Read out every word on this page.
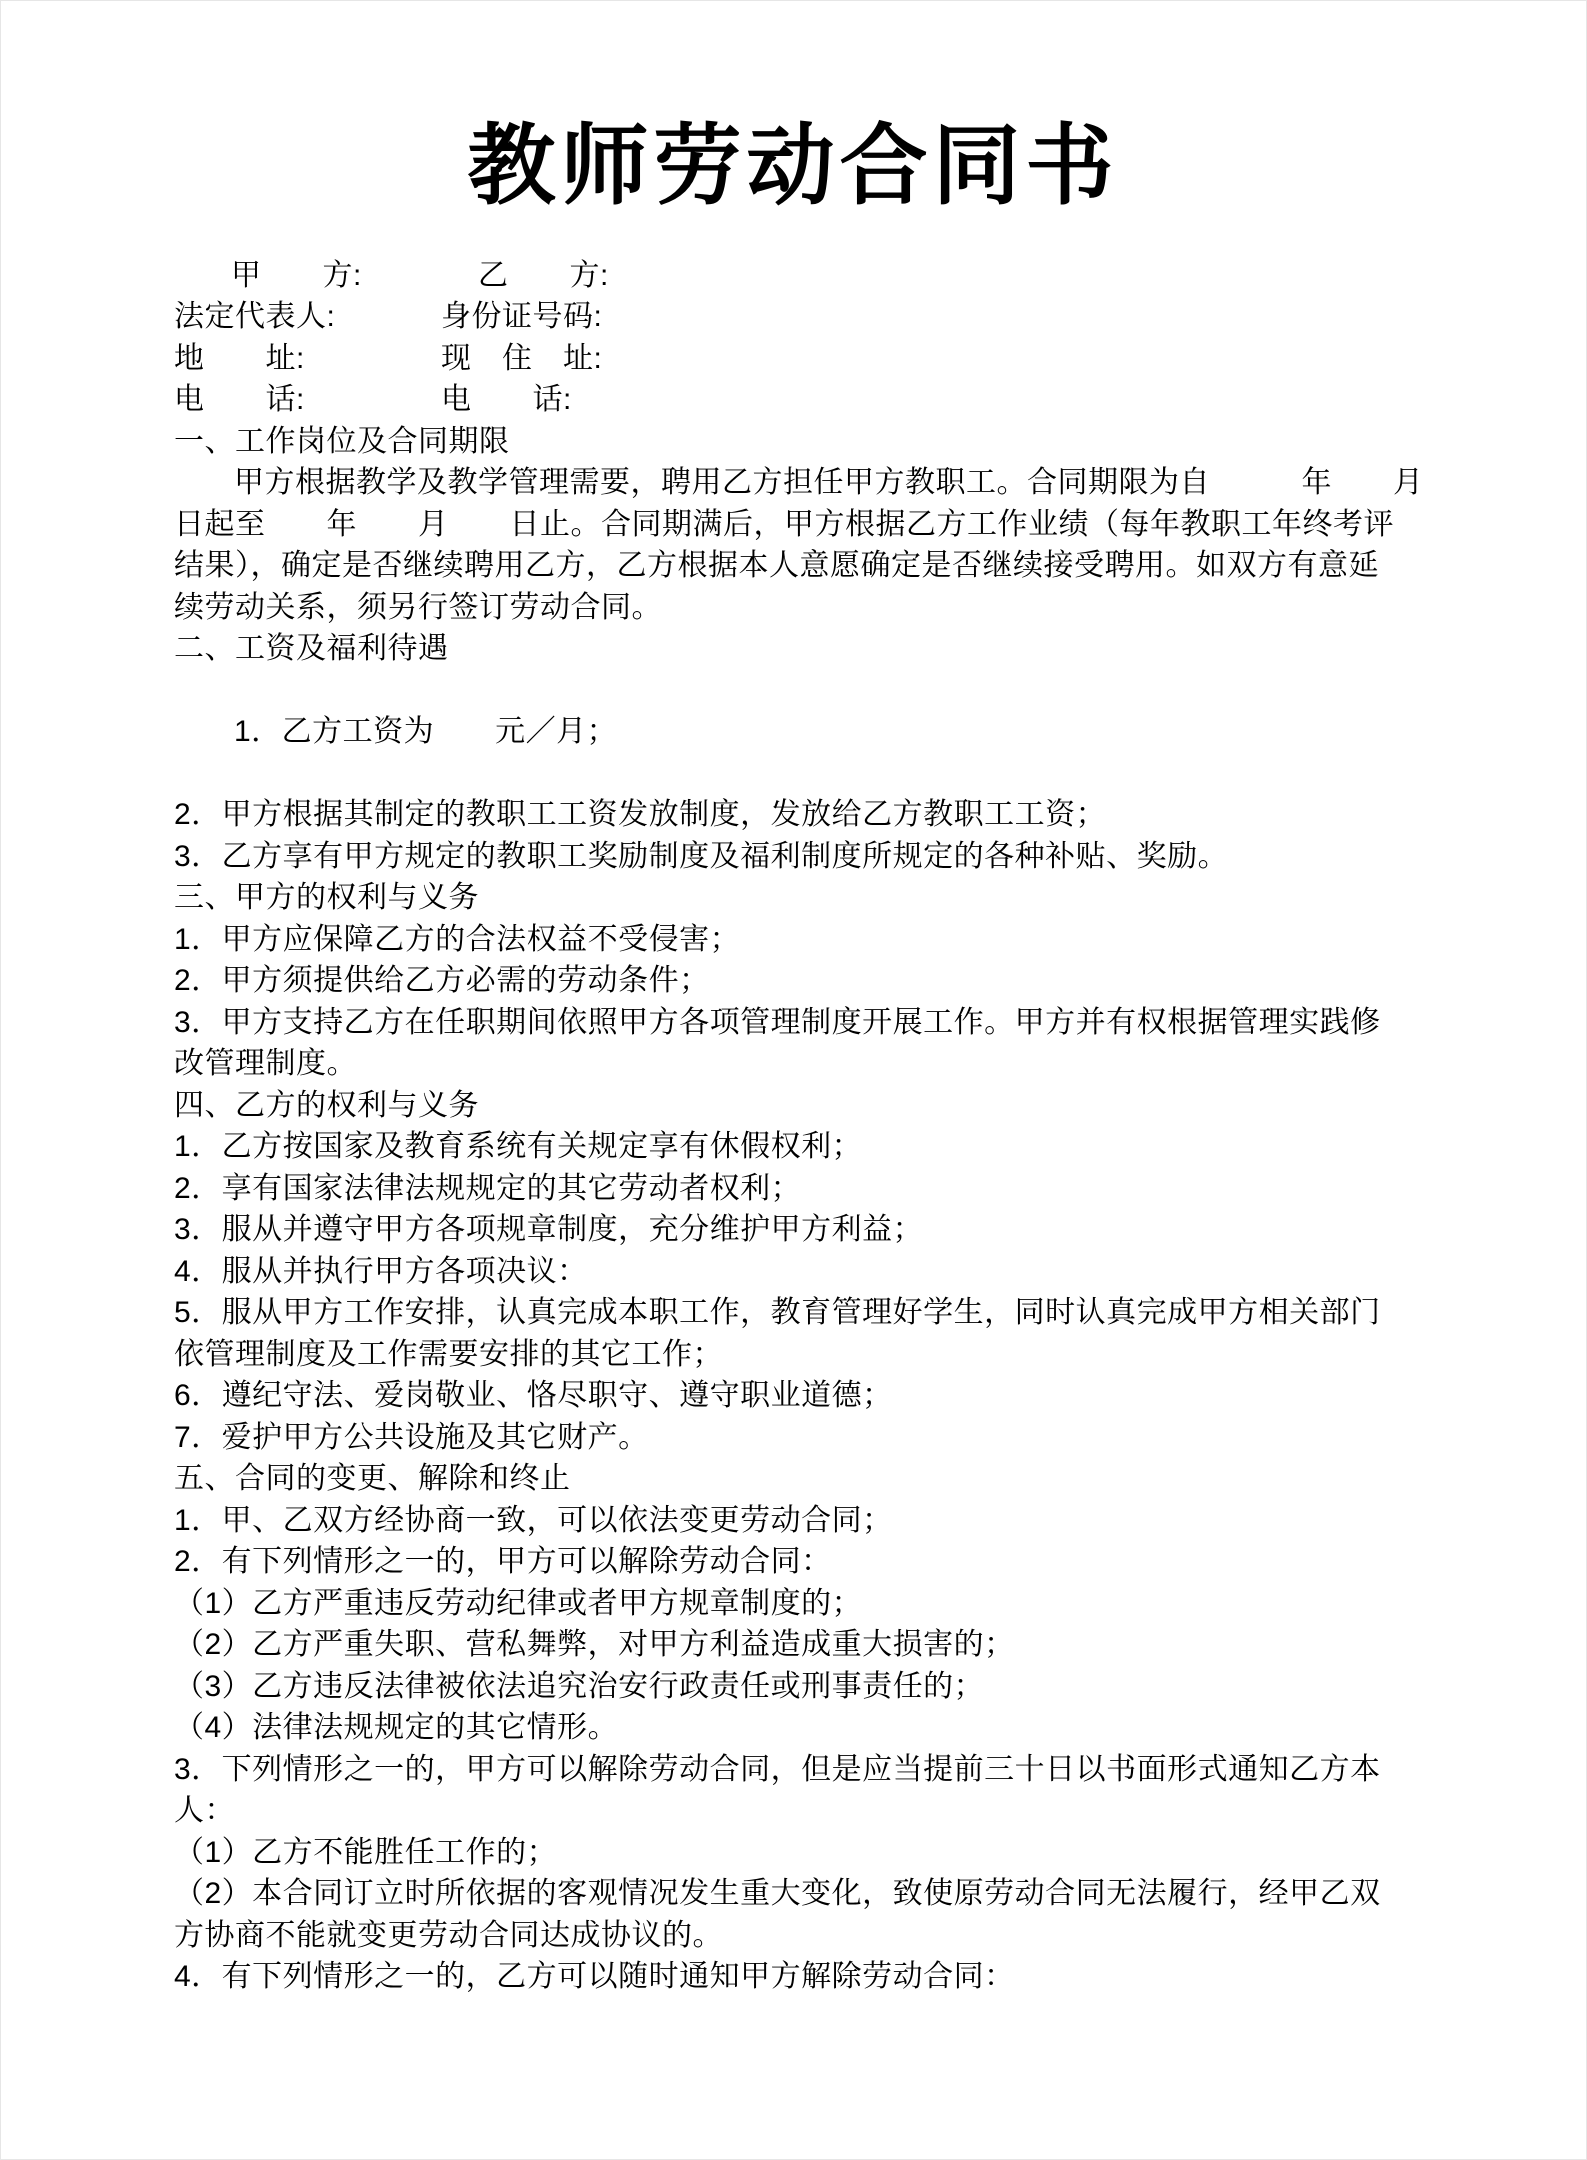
教师劳动合同书
甲　　方:	乙　　方:
法定代表人:	身份证号码:
地　　址:	现　住　址:
电　　话:	电　　话:
一、工作岗位及合同期限
甲方根据教学及教学管理需要，聘用乙方担任甲方教职工。合同期限为自　　　年　　月
日起至　　年　　月　　日止。合同期满后，甲方根据乙方工作业绩（每年教职工年终考评
结果），确定是否继续聘用乙方，乙方根据本人意愿确定是否继续接受聘用。如双方有意延
续劳动关系，须另行签订劳动合同。
二、工资及福利待遇
1．乙方工资为　　元／月；
2．甲方根据其制定的教职工工资发放制度，发放给乙方教职工工资；
3．乙方享有甲方规定的教职工奖励制度及福利制度所规定的各种补贴、奖励。
三、甲方的权利与义务
1．甲方应保障乙方的合法权益不受侵害；
2．甲方须提供给乙方必需的劳动条件；
3．甲方支持乙方在任职期间依照甲方各项管理制度开展工作。甲方并有权根据管理实践修
改管理制度。
四、乙方的权利与义务
1．乙方按国家及教育系统有关规定享有休假权利；
2．享有国家法律法规规定的其它劳动者权利；
3．服从并遵守甲方各项规章制度，充分维护甲方利益；
4．服从并执行甲方各项决议：
5．服从甲方工作安排，认真完成本职工作，教育管理好学生，同时认真完成甲方相关部门
依管理制度及工作需要安排的其它工作；
6．遵纪守法、爱岗敬业、恪尽职守、遵守职业道德；
7．爱护甲方公共设施及其它财产。
五、合同的变更、解除和终止
1．甲、乙双方经协商一致，可以依法变更劳动合同；
2．有下列情形之一的，甲方可以解除劳动合同：
（1）乙方严重违反劳动纪律或者甲方规章制度的；
（2）乙方严重失职、营私舞弊，对甲方利益造成重大损害的；
（3）乙方违反法律被依法追究治安行政责任或刑事责任的；
（4）法律法规规定的其它情形。
3．下列情形之一的，甲方可以解除劳动合同，但是应当提前三十日以书面形式通知乙方本
人：
（1）乙方不能胜任工作的；
（2）本合同订立时所依据的客观情况发生重大变化，致使原劳动合同无法履行，经甲乙双
方协商不能就变更劳动合同达成协议的。
4．有下列情形之一的，乙方可以随时通知甲方解除劳动合同：
